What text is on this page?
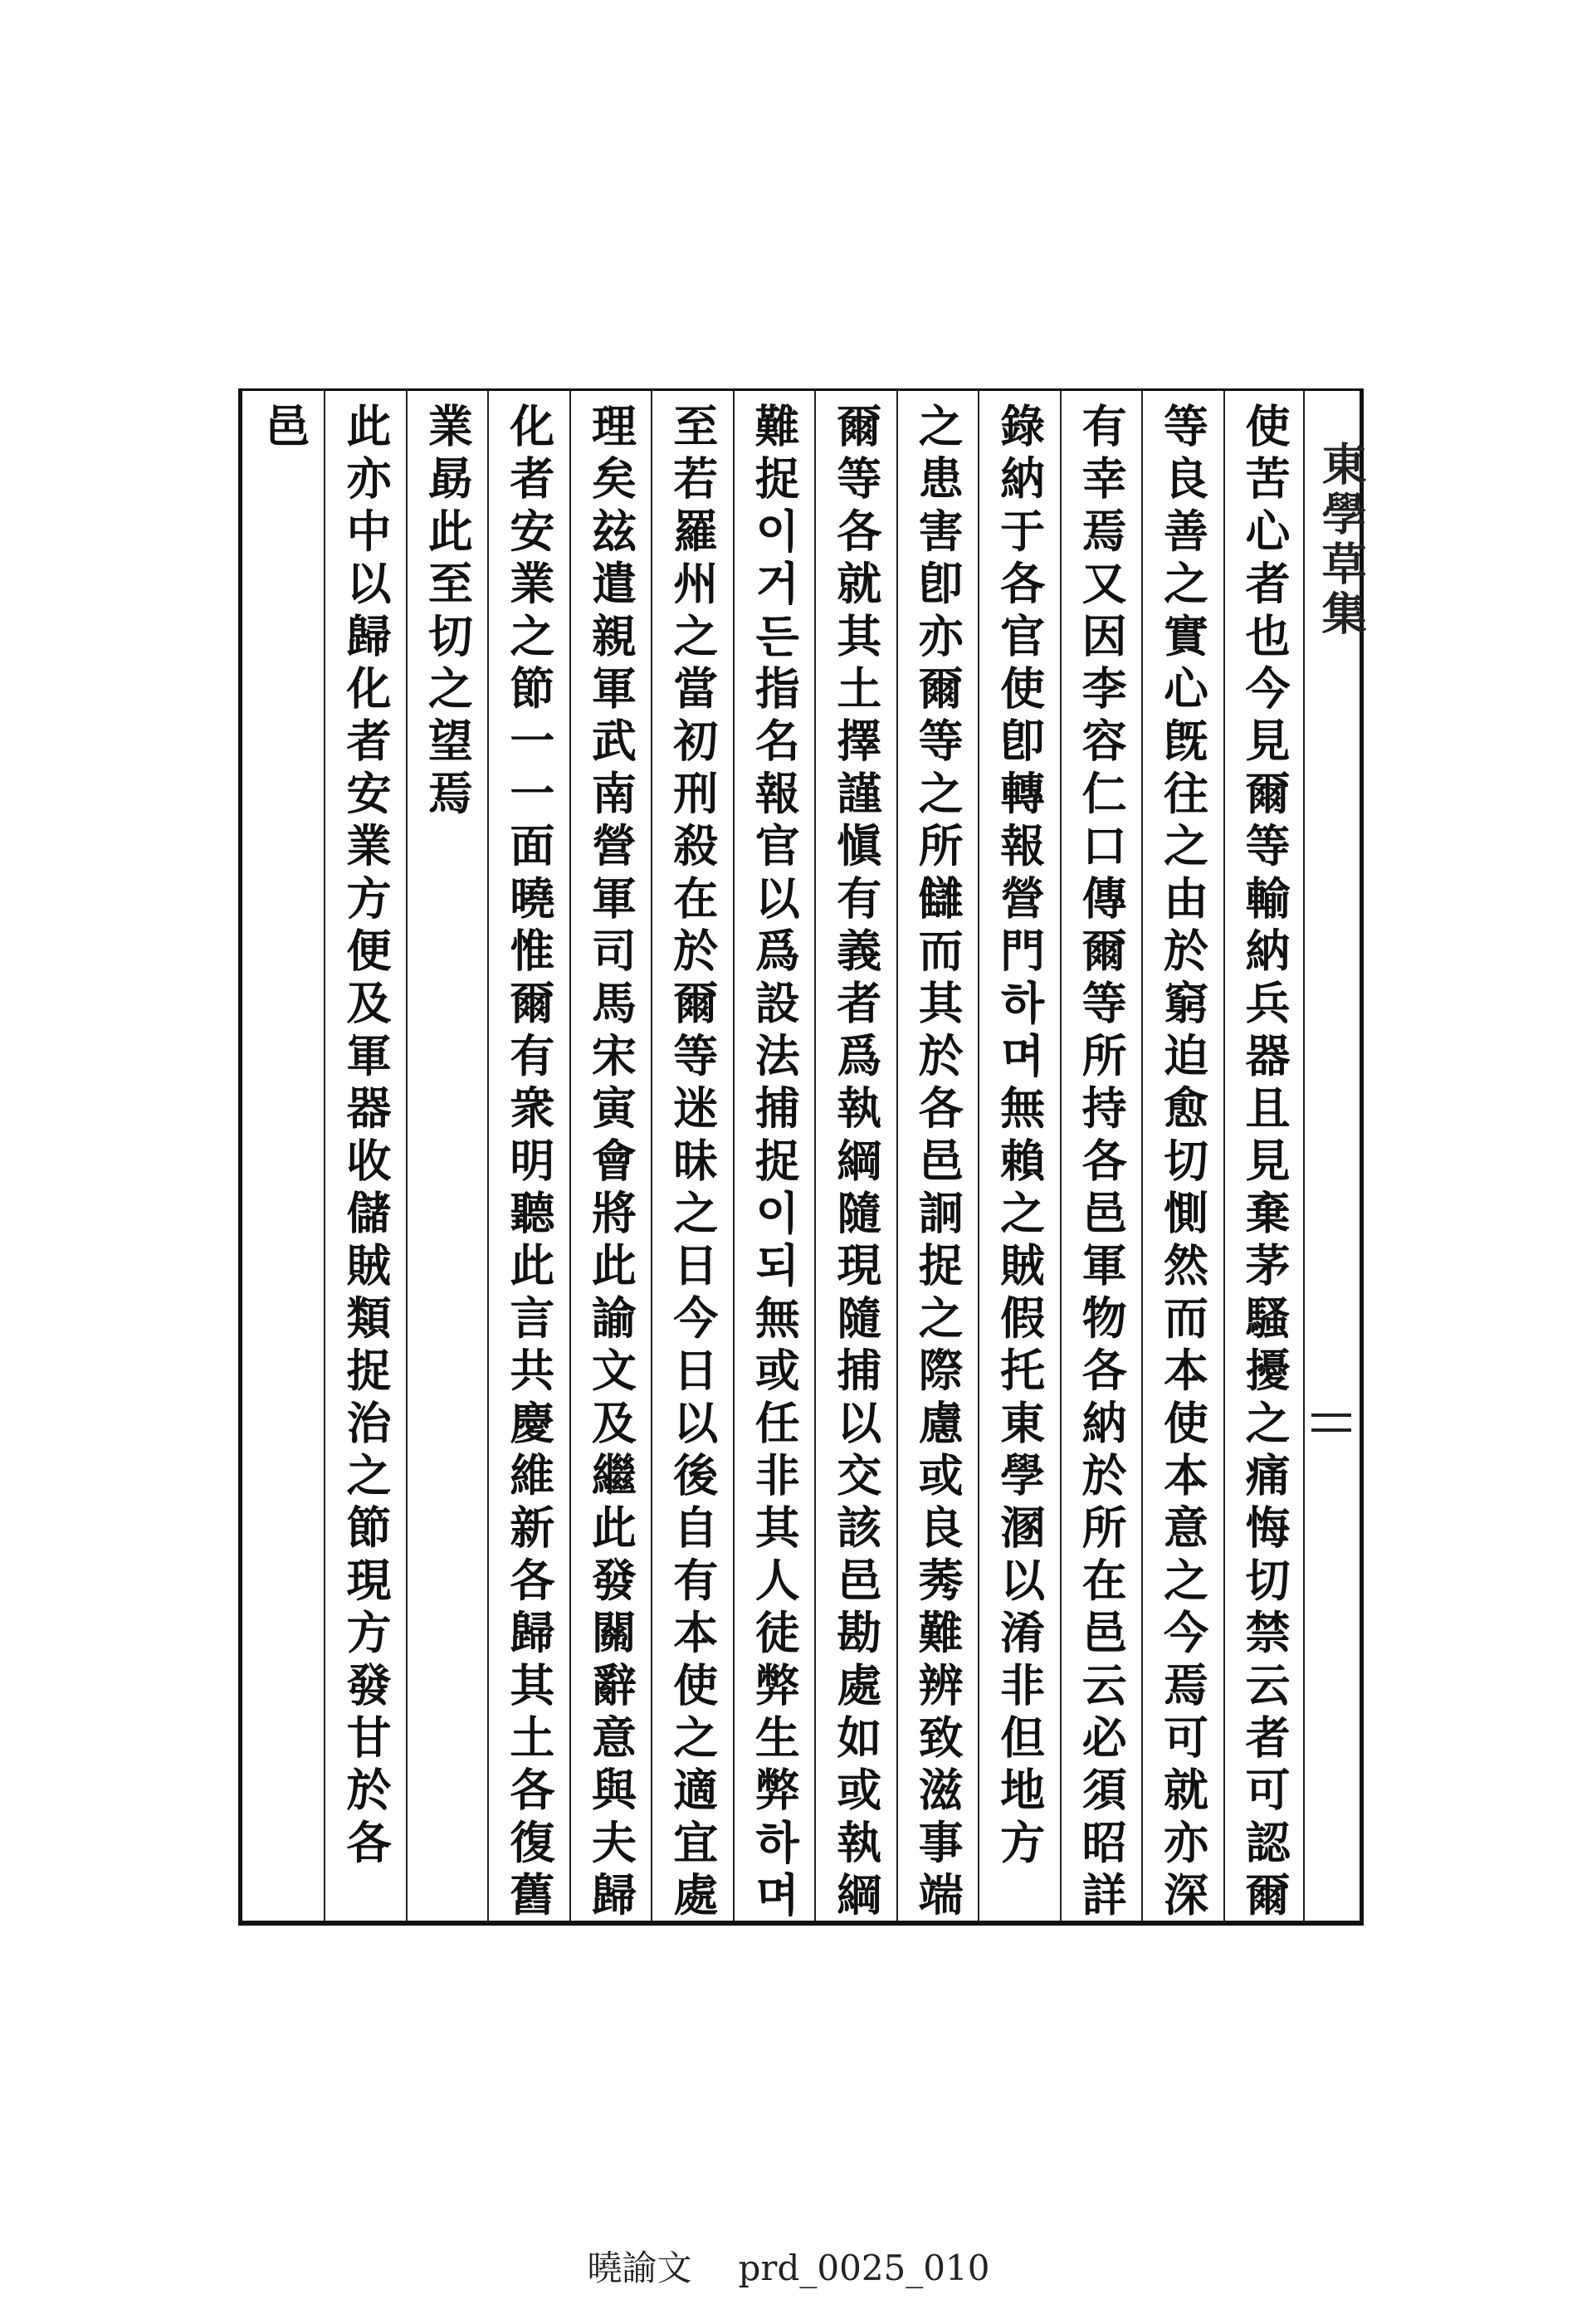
使苦心者也今見爾等輸納兵器且見棄茅騷擾之痛悔切禁云者可認爾
等良善之實心旣往之由於窮迫愈切惻然而本使本意之今焉可就亦深
有幸焉又因李容仁口傳爾等所持各邑軍物各納於所在邑云必須昭詳
錄納于各官使卽轉報營門하며無賴之賊假托東學溷以淆非但地方
之患害卽亦爾等之所讎而其於各邑詗捉之際慮或良莠難辨致滋事端
爾等各就其土擇謹愼有義者爲執綱隨現隨捕以交該邑勘處如或執綱
難捉이거든指名報官以爲設法捕捉이되無或任非其人徒弊生弊하며
至若羅州之當初刑殺在於爾等迷昧之日今日以後自有本使之適宜處
理矣玆遣親軍武南營軍司馬宋寅會將此諭文及繼此發關辭意與夫歸
化者安業之節一一面曉惟爾有衆明聽此言共慶維新各歸其土各復舊
業勗此至切之望焉
此亦中以歸化者安業方便及軍器收儲賊類捉治之節現方發甘於各
邑
東學草集
曉諭文 prd_0025_010
